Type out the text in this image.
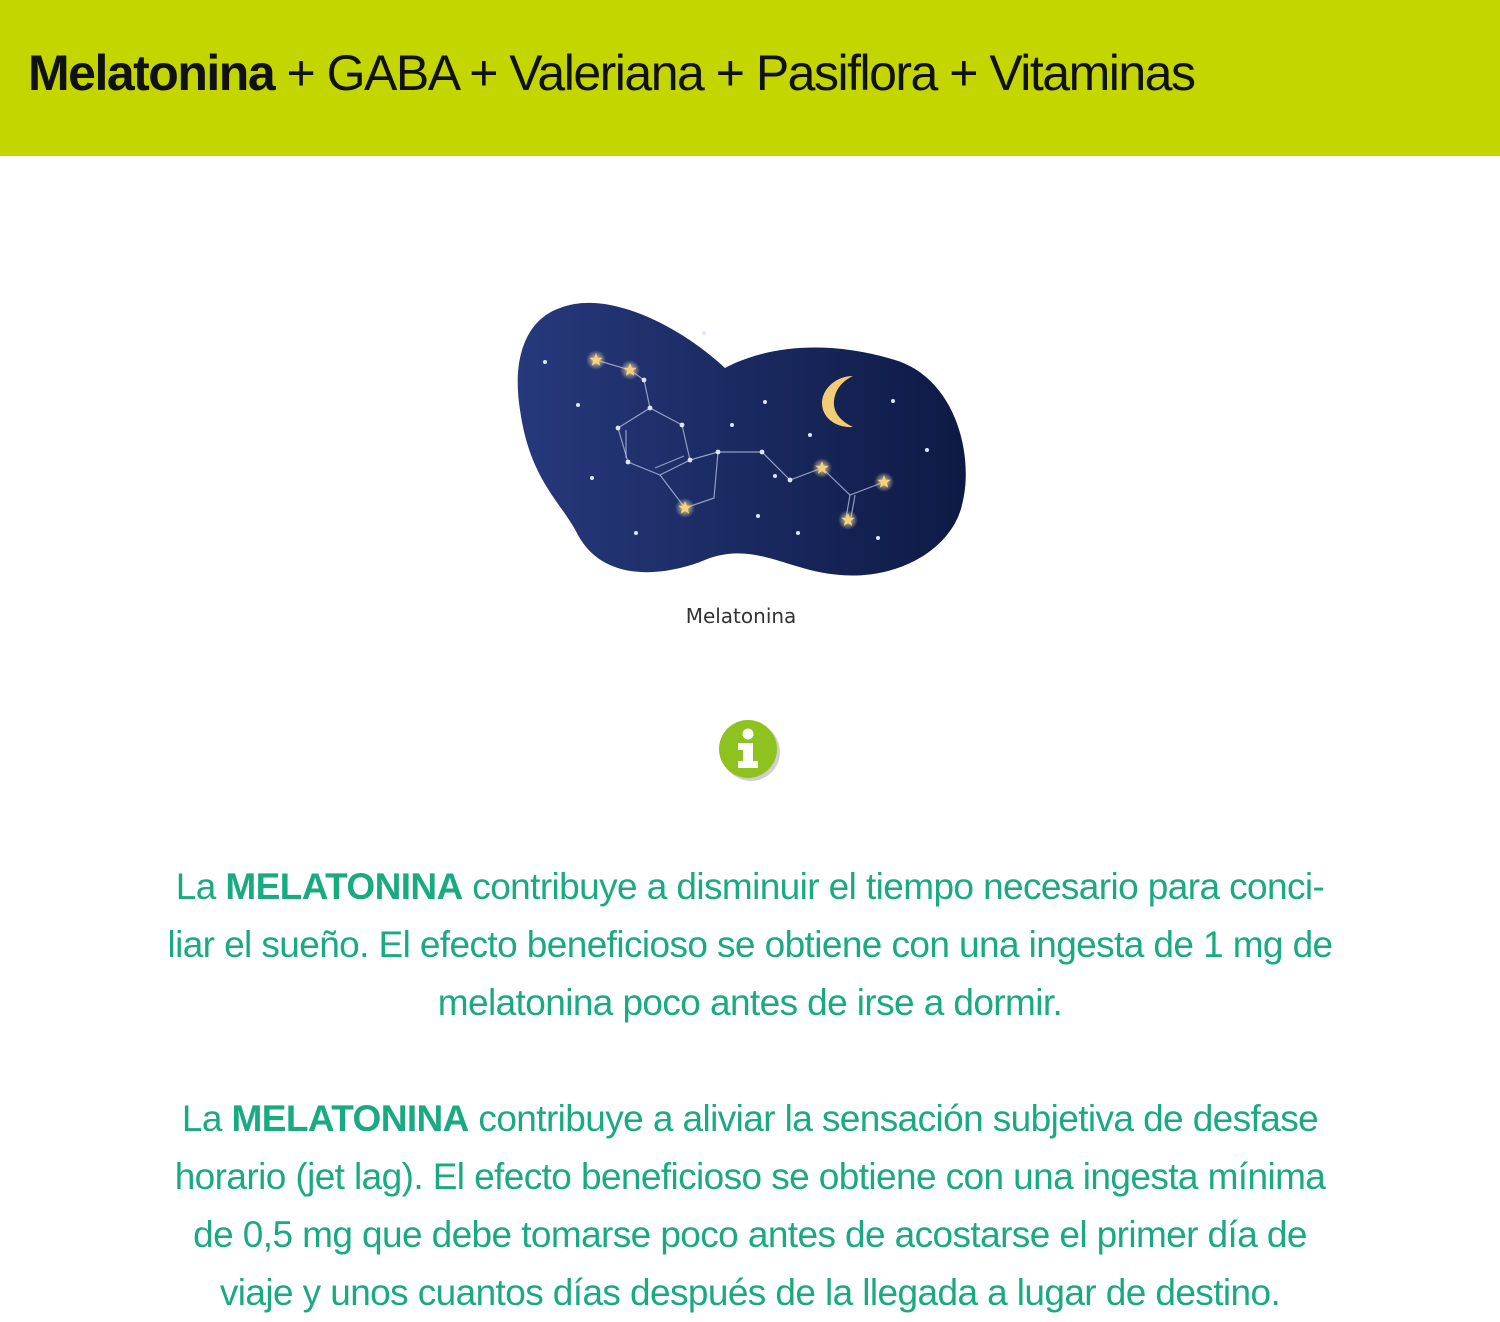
Melatonina + GABA + Valeriana + Pasiflora + Vitaminas
Melatonina

La MELATONINA contribuye a disminuir el tiempo necesario para conci- liar el sueño. El efecto beneficioso se obtiene con una ingesta de 1 mg de melatonina poco antes de irse a dormir.

La MELATONINA contribuye a aliviar la sensación subjetiva de desfase horario (jet lag). El efecto beneficioso se obtiene con una ingesta mínima de 0,5 mg que debe tomarse poco antes de acostarse el primer día de viaje y unos cuantos días después de la llegada a lugar de destino.
